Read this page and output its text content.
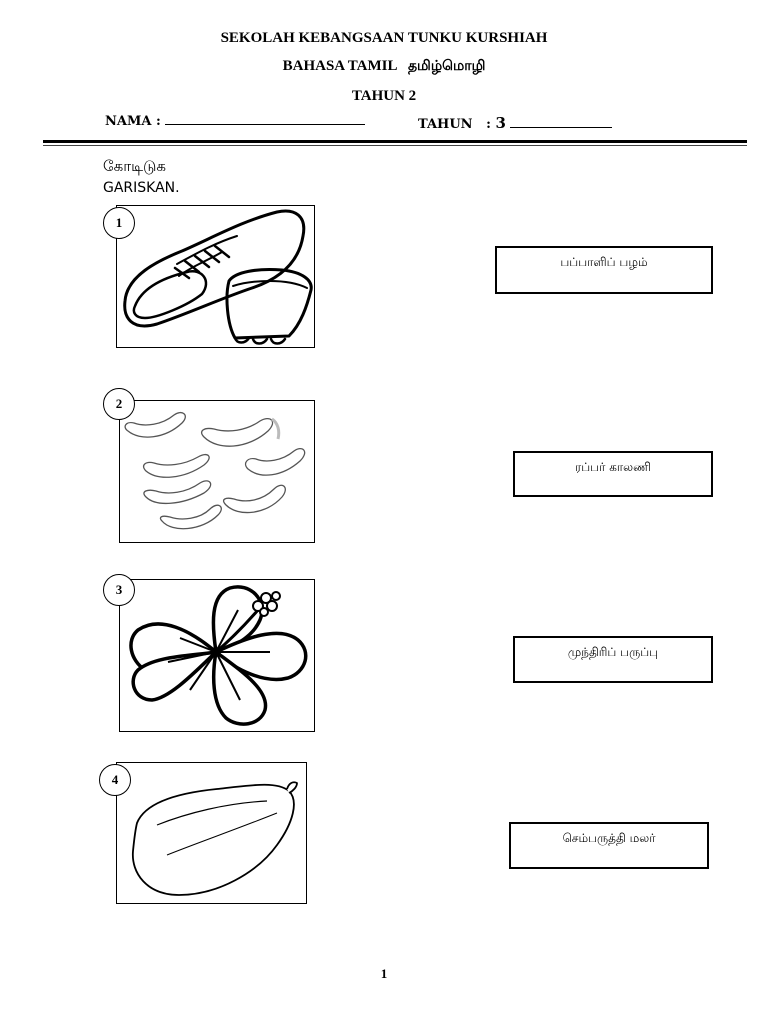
SEKOLAH KEBANGSAAN TUNKU KURSHIAH
BAHASA TAMIL தமிழ்மொழி
TAHUN 2
NAMA :	TAHUN : 3
கோடிடுக
GARISKAN.
1
2
3
4
பப்பாளிப் பழம்
ரப்பர் காலணி
முந்திரிப் பருப்பு
செம்பருத்தி மலர்
1
